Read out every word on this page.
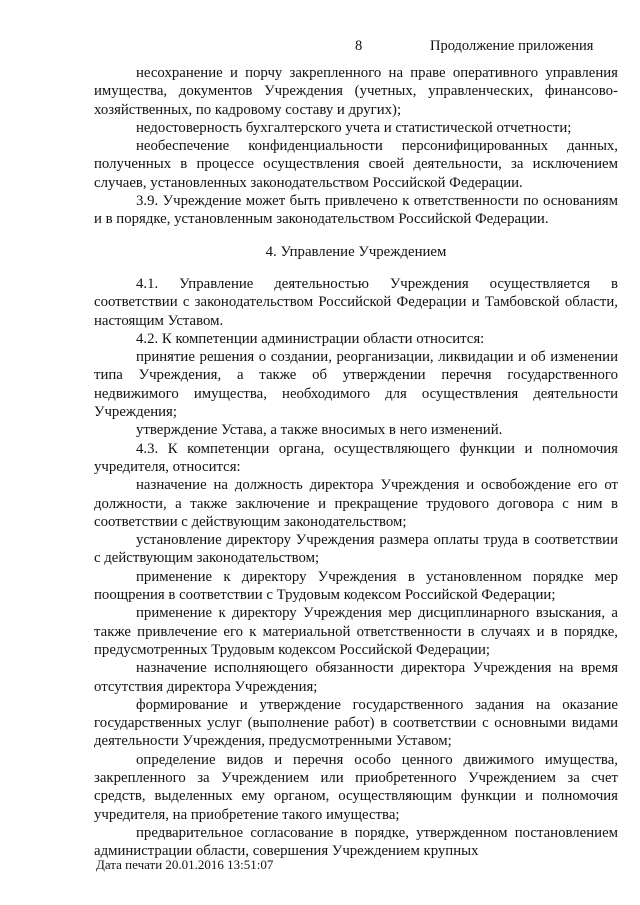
8	Продолжение приложения

несохранение и порчу закрепленного на праве оперативного управления имущества, документов Учреждения (учетных, управленческих, финансово-хозяйственных, по кадровому составу и других);

недостоверность бухгалтерского учета и статистической отчетности;

необеспечение конфиденциальности персонифицированных данных, полученных в процессе осуществления своей деятельности, за исключением случаев, установленных законодательством Российской Федерации.

3.9. Учреждение может быть привлечено к ответственности по основаниям и в порядке, установленным законодательством Российской Федерации.

4. Управление Учреждением

4.1. Управление деятельностью Учреждения осуществляется в соответствии с законодательством Российской Федерации и Тамбовской области, настоящим Уставом.

4.2. К компетенции администрации области относится:

принятие решения о создании, реорганизации, ликвидации и об изменении типа Учреждения, а также об утверждении перечня государственного недвижимого имущества, необходимого для осуществления деятельности Учреждения;

утверждение Устава, а также вносимых в него изменений.

4.3. К компетенции органа, осуществляющего функции и полномочия учредителя, относится:

назначение на должность директора Учреждения и освобождение его от должности, а также заключение и прекращение трудового договора с ним в соответствии с действующим законодательством;

установление директору Учреждения размера оплаты труда в соответствии с действующим законодательством;

применение к директору Учреждения в установленном порядке мер поощрения в соответствии с Трудовым кодексом Российской Федерации;

применение к директору Учреждения мер дисциплинарного взыскания, а также привлечение его к материальной ответственности в случаях и в порядке, предусмотренных Трудовым кодексом Российской Федерации;

назначение исполняющего обязанности директора Учреждения на время отсутствия директора Учреждения;

формирование и утверждение государственного задания на оказание государственных услуг (выполнение работ) в соответствии с основными видами деятельности Учреждения, предусмотренными Уставом;

определение видов и перечня особо ценного движимого имущества, закрепленного за Учреждением или приобретенного Учреждением за счет средств, выделенных ему органом, осуществляющим функции и полномочия учредителя, на приобретение такого имущества;

предварительное согласование в порядке, утвержденном постановлением администрации области, совершения Учреждением крупных

Дата печати 20.01.2016 13:51:07
